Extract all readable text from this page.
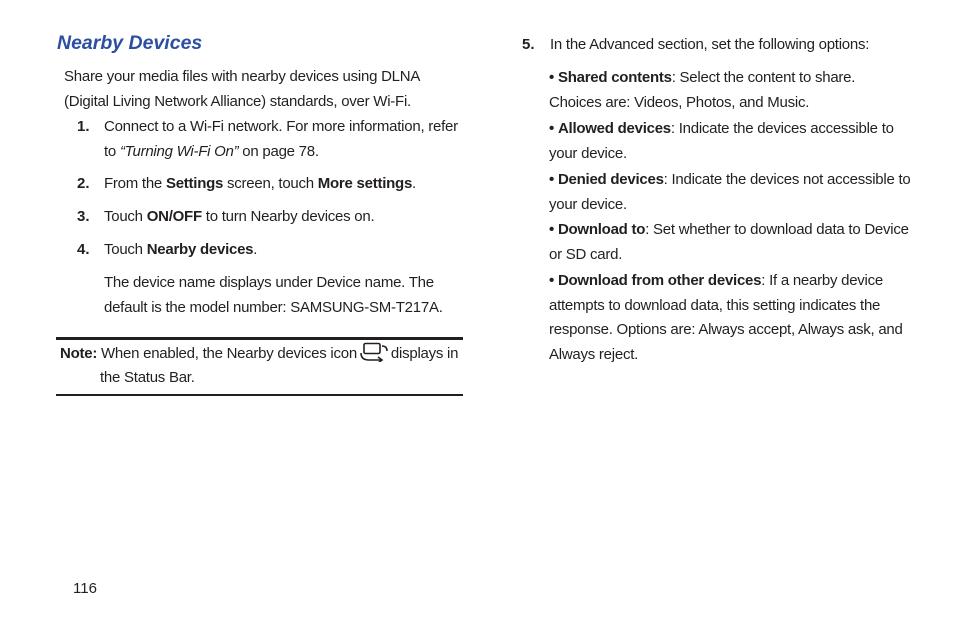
Nearby Devices
Share your media files with nearby devices using DLNA (Digital Living Network Alliance) standards, over Wi-Fi.
1. Connect to a Wi-Fi network. For more information, refer to “Turning Wi-Fi On” on page 78.
2. From the Settings screen, touch More settings.
3. Touch ON/OFF to turn Nearby devices on.
4. Touch Nearby devices.
The device name displays under Device name. The default is the model number: SAMSUNG-SM-T217A.
Note: When enabled, the Nearby devices icon displays in
the Status Bar.
5. In the Advanced section, set the following options:
• Shared contents: Select the content to share. Choices are: Videos, Photos, and Music.
• Allowed devices: Indicate the devices accessible to your device.
• Denied devices: Indicate the devices not accessible to your device.
• Download to: Set whether to download data to Device or SD card.
• Download from other devices: If a nearby device attempts to download data, this setting indicates the response. Options are: Always accept, Always ask, and Always reject.
116
